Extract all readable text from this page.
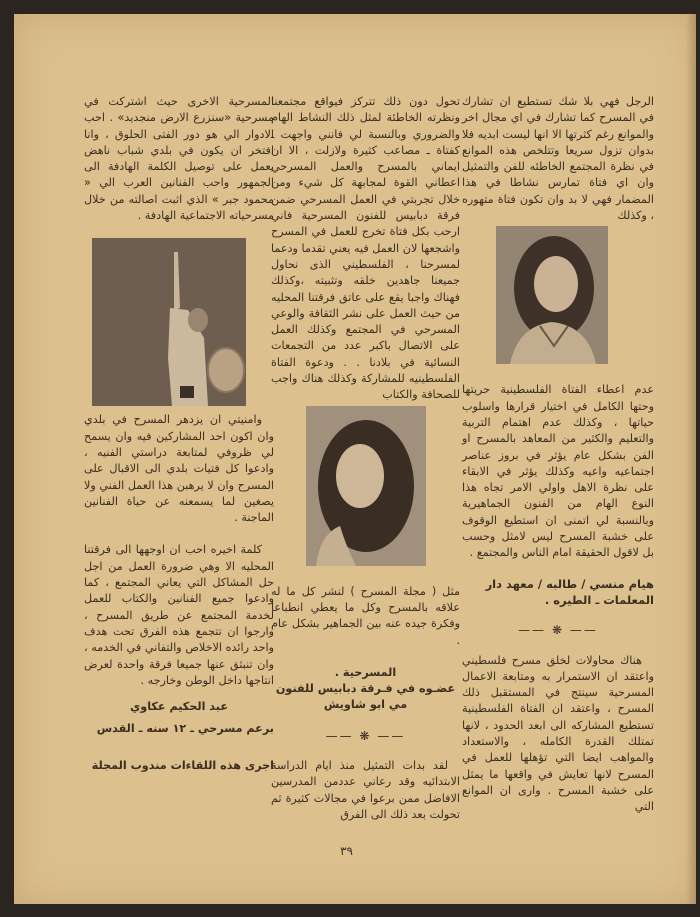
الرجل فهي بلا شك تستطيع ان تشارك في المسرح كما تشارك في اي مجال اخر والموانع رغم كثرتها الا انها ليست ابديه فلا بدوان تزول سريعا وتتلخص هذه الموانع في نظرة المجتمع الخاطئه للفن والتمثيل وان اي فتاة تمارس نشاطا في هذا المضمار فهي لا بد وان تكون فتاة متهوره ، وكذلك

عدم اعطاء الفتاة الفلسطينية حريتها وحتها الكامل في اختيار قرارها واسلوب حياتها ، وكذلك عدم اهتمام التربية والتعليم والكثير من المعاهد بالمسرح او الفن بشكل عام يؤثر في بروز عناصر اجتماعيه واعيه وكذلك يؤثر في الابقاء على نظرة الاهل واولي الامر تجاه هذا النوع الهام من الفنون الجماهيرية وبالنسبة لي اتمنى ان استطيع الوقوف على خشبة المسرح ليس لامثل وحسب بل لاقول الحقيقة امام الناس والمجتمع .

هيام منسي / طالبه / معهد دار المعلمات ـ الطيره .

—— ❋ ——

هناك محاولات لخلق مسرح فلسطيني واعتقد ان الاستمرار به ومتابعة الاعمال المسرحية سينتج في المستقبل ذلك المسرح ، واعتقد ان الفتاة الفلسطينية تستطيع المشاركه الى ابعد الحدود ، لانها تمتلك القدرة الكامله ، والاستعداد والمواهب ايضا التي تؤهلها للعمل في المسرح لانها تعايش في واقعها ما يمثل على خشبة المسرح . وارى ان الموانع التي

تحول دون ذلك تتركز فيواقع مجتمعنا ونظرته الخاطئة لمثل ذلك النشاط الهام والضروري وبالنسبة لي فانني واجهت ـ كفتاة ـ مصاعب كثيرة ولازلت ، الا ان ايماني بالمسرح والعمل المسرحي اعطاني القوة لمجابهة كل شيء ومن خلال تجربتي في العمل المسرحي ضمن فرقة دبابيس للفنون المسرحية فاني ارحب بكل فتاة تخرج للعمل في المسرح واشجعها لان العمل فيه يعني تقدما ودعما لمسرحنا ، الفلسطيني الذى نحاول جميعنا جاهدين خلقه وتثبيته ،وكذلك فهناك واجبا يقع على عاتق فرقتنا المحليه من حيث العمل على نشر الثقافة والوعي المسرحي في المجتمع وكذلك العمل على الاتصال باكبر عدد من التجمعات النسائية في بلادنا . . ودعوة الفتاة الفلسطينيه للمشاركة وكذلك هناك واجب للصحافة والكتاب

مثل ( مجلة المسرح ) لنشر كل ما له علاقه بالمسرح وكل ما يعطي انطباعا وفكرة جيده عنه بين الجماهير بشكل عام .

المسرحية .

عضـوه في فـرقة دبابيس للفنون

مي ابو شاويش

—— ❋ ——

لقد بدات التمثيل منذ ايام الدراسة الابتدائيه وقد رعاني عددمن المدرسين الافاضل ممن برعوا في مجالات كثيرة ثم تحولت بعد ذلك الى الفرق

المسرحية الاخرى حيث اشتركت في مسرحية «سنزرع الارض منجديد» . احب الادوار الي هو دور الفتى الحلوق ، وانا افتخر ان يكون في بلدي شباب ناهض يعمل على توصيل الكلمة الهادفة الى الجمهور واحب الفنانين العرب الي « محمود جبر » الذي اثبت اصالته من خلال مسرحياته الاجتماعية الهادفة .

وامنيتي ان يزدهر المسرح في بلدي وان اكون احد المشاركين فيه وان يسمح لي ظروفي لمتابعة دراستي الفنيه ، وادعوا كل فتيات بلدي الى الاقبال على المسرح وان لا يرهبن هذا العمل الفني ولا يصغين لما يسمعنه عن حياة الفنانين الماجنة .

كلمة اخيره احب ان اوجهها الى فرقتنا المحليه الا وهي ضرورة العمل من اجل حل المشاكل التي يعاني المجتمع ، كما وادعوا جميع الفنانين والكتاب للعمل لخدمة المجتمع عن طريق المسرح ، وارجوا ان تتجمع هذه الفرق تحت هدف واحد رائده الاخلاص والتفاني في الخدمه ، وان تنبثق عنها جميعا فرقة واحدة لعرض انتاجها داخل الوطن وخارجه .

عبد الحكيم عكاوي

برعم مسرحي ـ ١٢ سنه ـ القدس

اجرى هذه اللقاءات مندوب المجلة

٣٩
